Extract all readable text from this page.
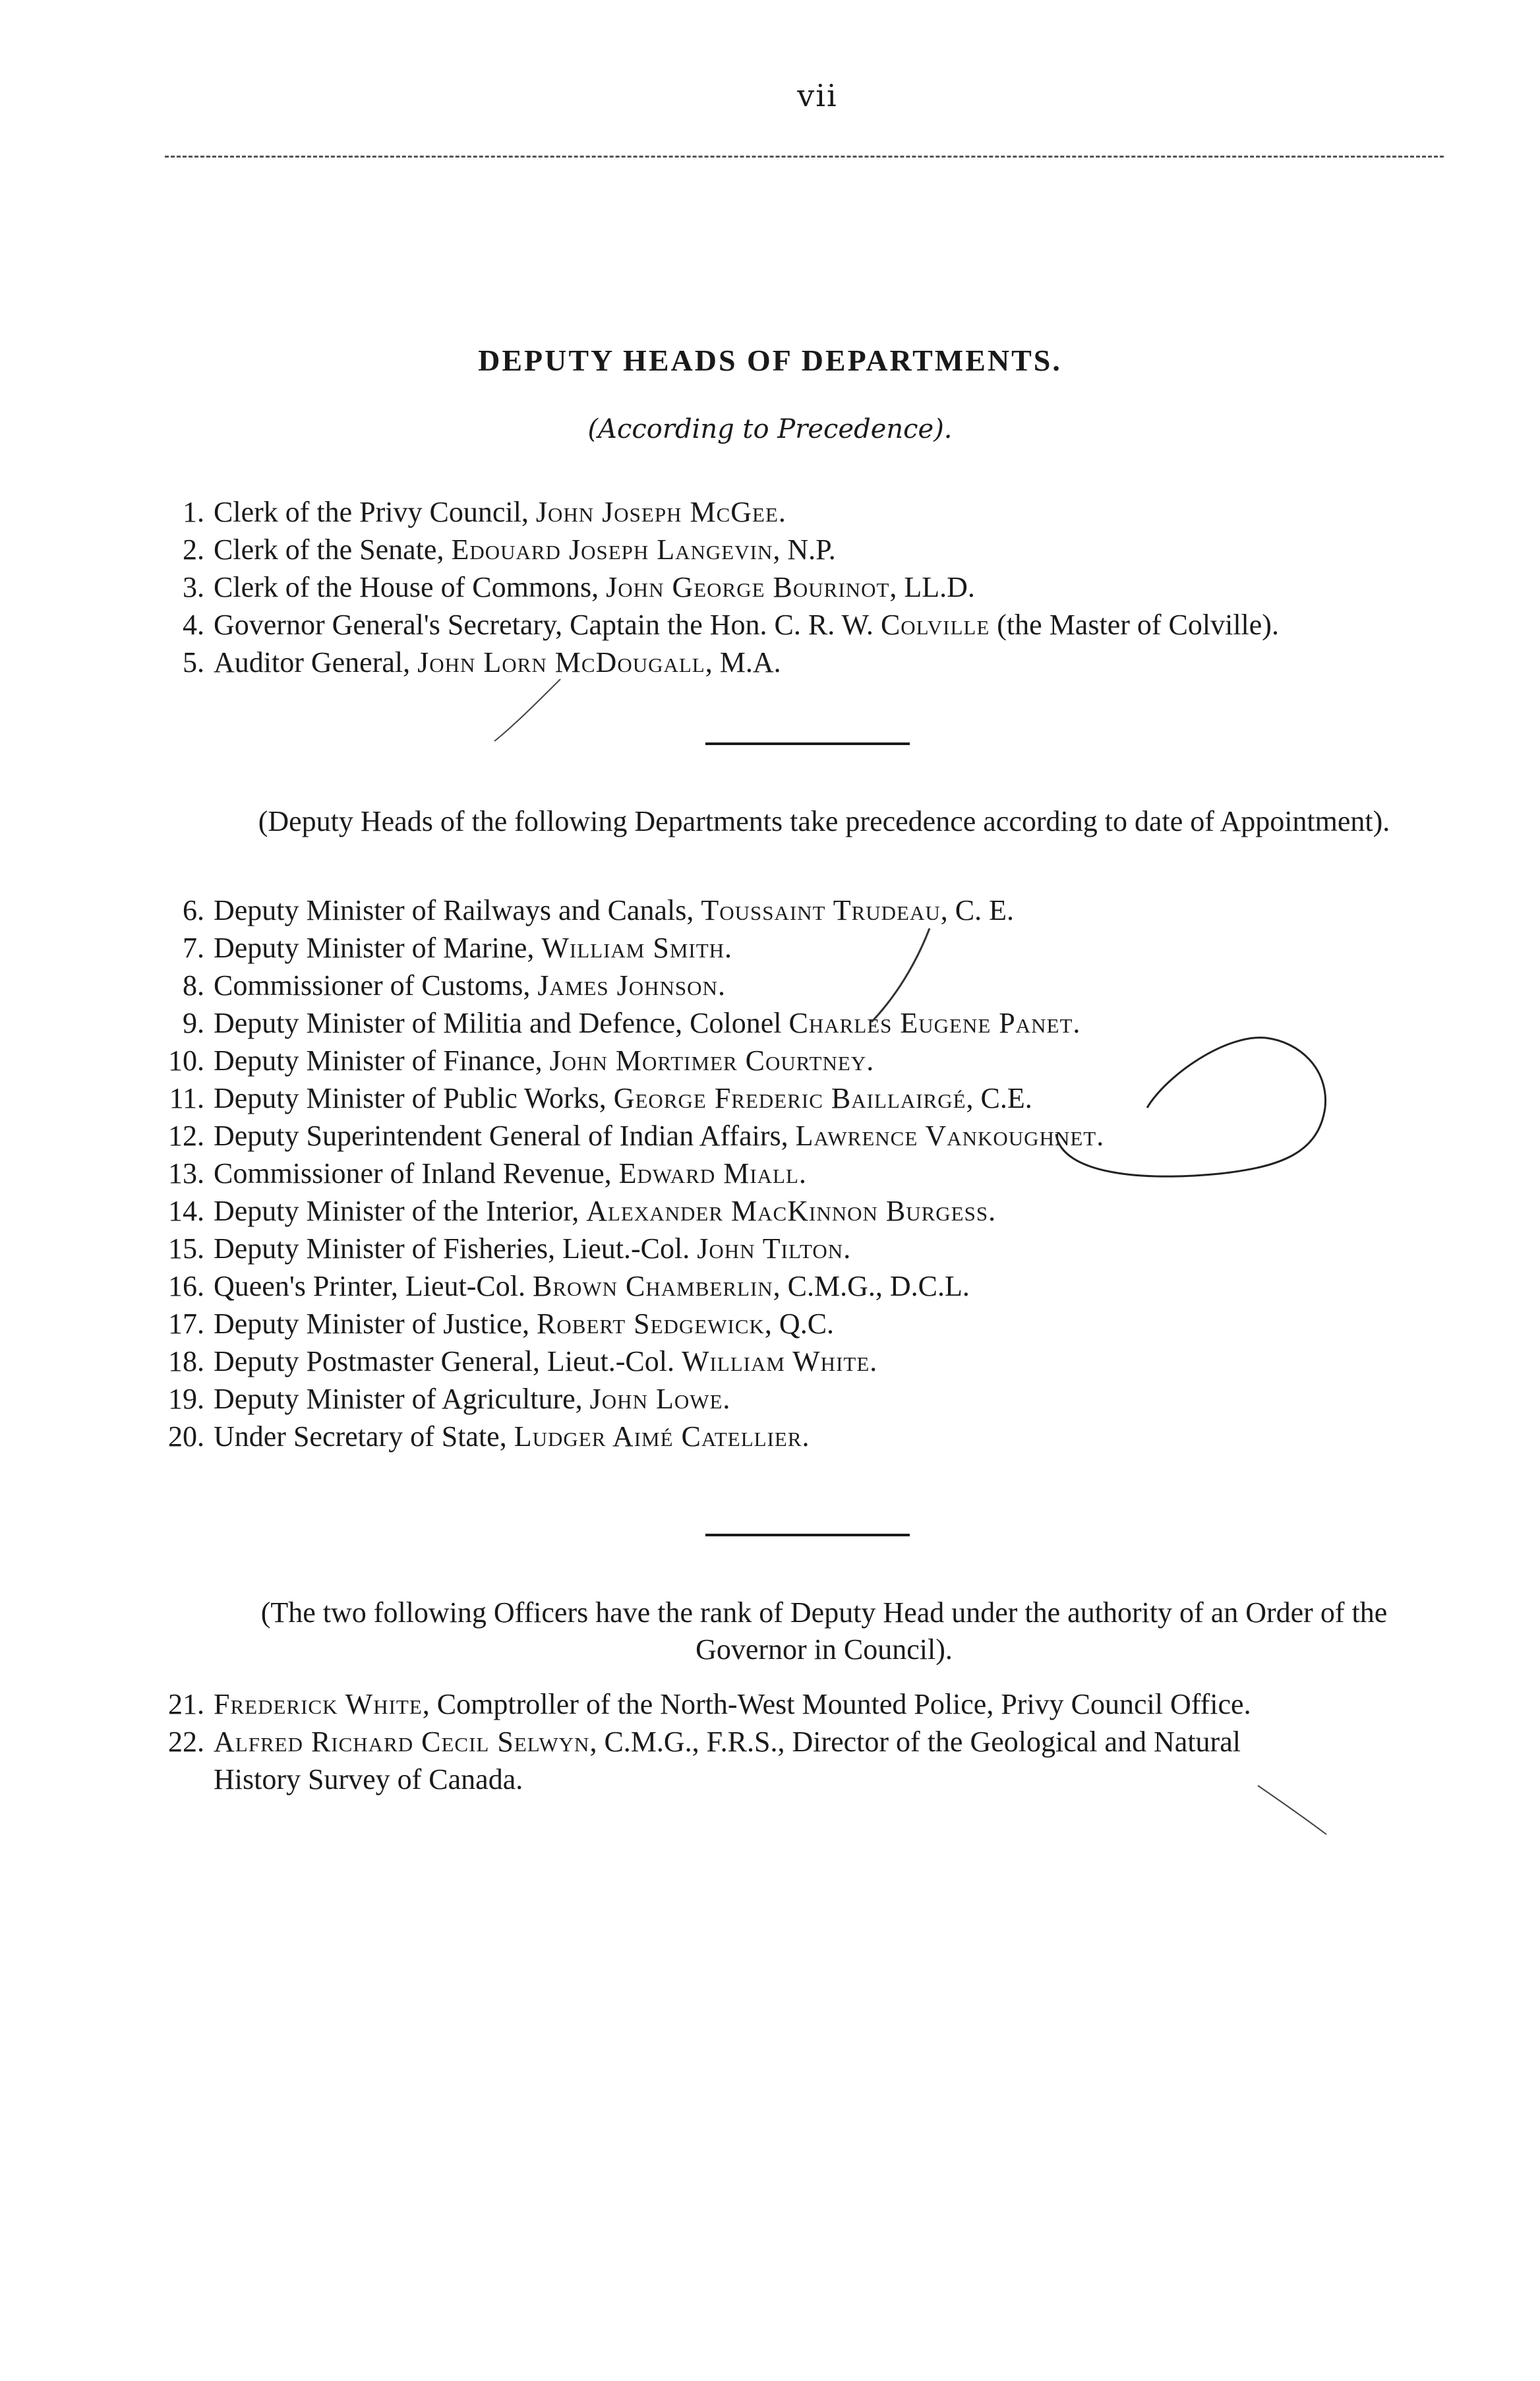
vii
DEPUTY HEADS OF DEPARTMENTS.
(According to Precedence).
1. Clerk of the Privy Council, John Joseph McGee.
2. Clerk of the Senate, Edouard Joseph Langevin, N.P.
3. Clerk of the House of Commons, John George Bourinot, LL.D.
4. Governor General's Secretary, Captain the Hon. C. R. W. Colville (the Master of Colville).
5. Auditor General, John Lorn McDougall, M.A.
(Deputy Heads of the following Departments take precedence according to date of Appointment).
6. Deputy Minister of Railways and Canals, Toussaint Trudeau, C. E.
7. Deputy Minister of Marine, William Smith.
8. Commissioner of Customs, James Johnson.
9. Deputy Minister of Militia and Defence, Colonel Charles Eugene Panet.
10. Deputy Minister of Finance, John Mortimer Courtney.
11. Deputy Minister of Public Works, George Frederic Baillairgé, C.E.
12. Deputy Superintendent General of Indian Affairs, Lawrence Vankoughnet.
13. Commissioner of Inland Revenue, Edward Miall.
14. Deputy Minister of the Interior, Alexander MacKinnon Burgess.
15. Deputy Minister of Fisheries, Lieut.-Col. John Tilton.
16. Queen's Printer, Lieut-Col. Brown Chamberlin, C.M.G., D.C.L.
17. Deputy Minister of Justice, Robert Sedgewick, Q.C.
18. Deputy Postmaster General, Lieut.-Col. William White.
19. Deputy Minister of Agriculture, John Lowe.
20. Under Secretary of State, Ludger Aimé Catellier.
(The two following Officers have the rank of Deputy Head under the authority of an Order of the Governor in Council).
21. Frederick White, Comptroller of the North-West Mounted Police, Privy Council Office.
22. Alfred Richard Cecil Selwyn, C.M.G., F.R.S., Director of the Geological and Natural
History Survey of Canada.
